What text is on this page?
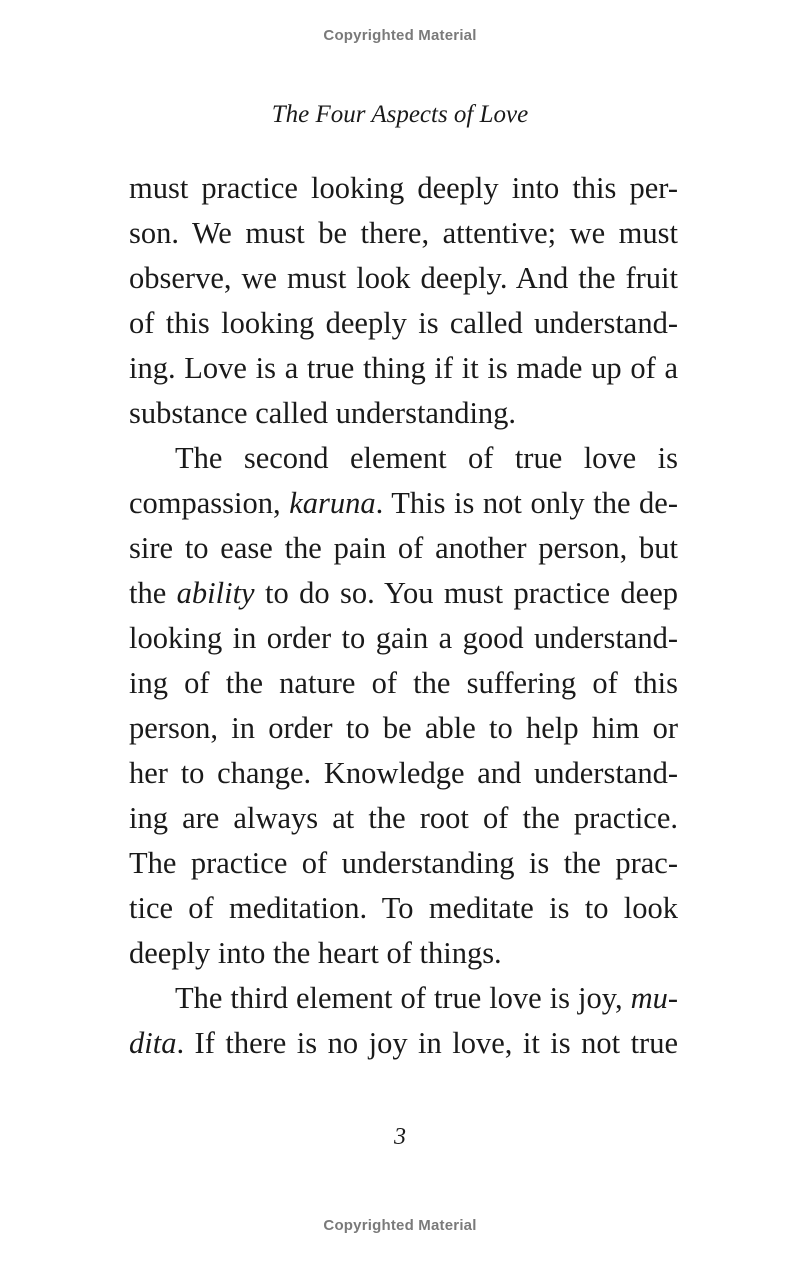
Copyrighted Material
The Four Aspects of Love
must practice looking deeply into this per-
son. We must be there, attentive; we must
observe, we must look deeply. And the fruit
of this looking deeply is called understand-
ing. Love is a true thing if it is made up of a
substance called understanding.
The second element of true love is
compassion, karuna. This is not only the de-
sire to ease the pain of another person, but
the ability to do so. You must practice deep
looking in order to gain a good understand-
ing of the nature of the suffering of this
person, in order to be able to help him or
her to change. Knowledge and understand-
ing are always at the root of the practice.
The practice of understanding is the prac-
tice of meditation. To meditate is to look
deeply into the heart of things.
The third element of true love is joy, mu-
dita. If there is no joy in love, it is not true
3
Copyrighted Material
